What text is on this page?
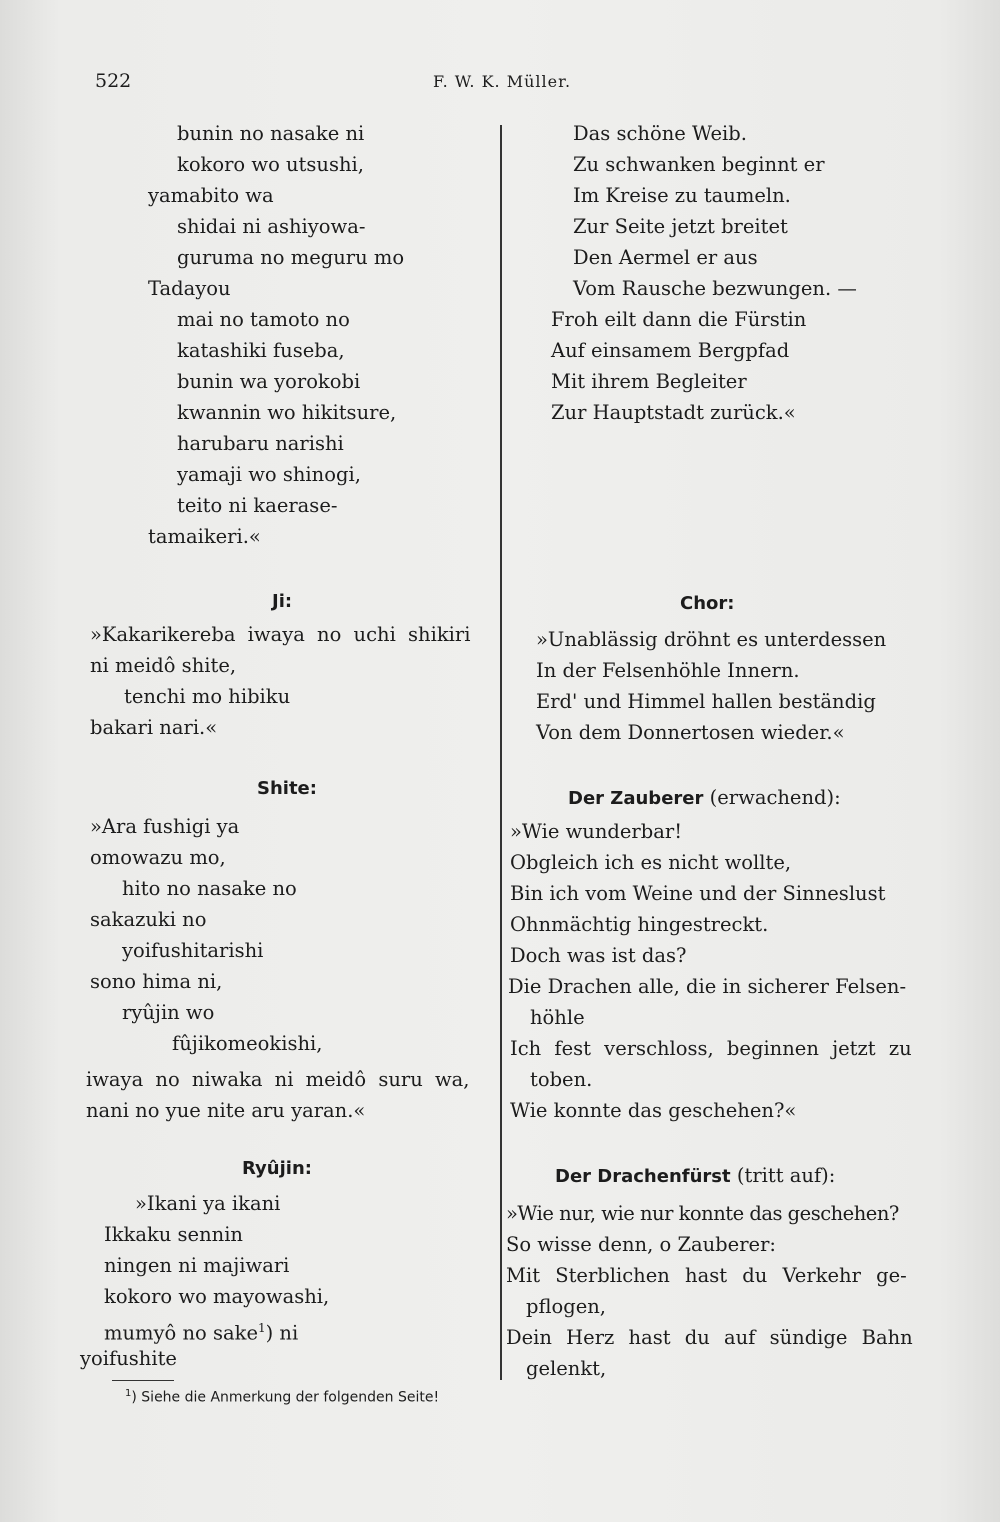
522	F. W. K. Müller.
bunin no nasake ni
kokoro wo utsushi,
yamabito wa
shidai ni ashiyowa-
guruma no meguru mo
Tadayou
mai no tamoto no
katashiki fuseba,
bunin wa yorokobi
kwannin wo hikitsure,
harubaru narishi
yamaji wo shinogi,
teito ni kaerase-
tamaikeri.«
Ji:
»Kakarikereba iwaya no uchi shikiri
ni meidô shite,
tenchi mo hibiku
bakari nari.«
Shite:
»Ara fushigi ya
omowazu mo,
hito no nasake no
sakazuki no
yoifushitarishi
sono hima ni,
ryûjin wo
fûjikomeokishi,
iwaya no niwaka ni meidô suru wa,
nani no yue nite aru yaran.«
Ryûjin:
»Ikani ya ikani
Ikkaku sennin
ningen ni majiwari
kokoro wo mayowashi,
mumyô no sake$^1$) ni
yoifushite
Das schöne Weib.
Zu schwanken beginnt er
Im Kreise zu taumeln.
Zur Seite jetzt breitet
Den Aermel er aus
Vom Rausche bezwungen. —
Froh eilt dann die Fürstin
Auf einsamem Bergpfad
Mit ihrem Begleiter
Zur Hauptstadt zurück.«
Chor:
»Unablässig dröhnt es unterdessen
In der Felsenhöhle Innern.
Erd' und Himmel hallen beständig
Von dem Donnertosen wieder.«
Der Zauberer (erwachend):
»Wie wunderbar!
Obgleich ich es nicht wollte,
Bin ich vom Weine und der Sinneslust
Ohnmächtig hingestreckt.
Doch was ist das?
Die Drachen alle, die in sicherer Felsen-
höhle
Ich fest verschloss, beginnen jetzt zu
toben.
Wie konnte das geschehen?«
Der Drachenfürst (tritt auf):
»Wie nur, wie nur konnte das geschehen?
So wisse denn, o Zauberer:
Mit Sterblichen hast du Verkehr ge-
pflogen,
Dein Herz hast du auf sündige Bahn
gelenkt,
$^1$) Siehe die Anmerkung der folgenden Seite!
